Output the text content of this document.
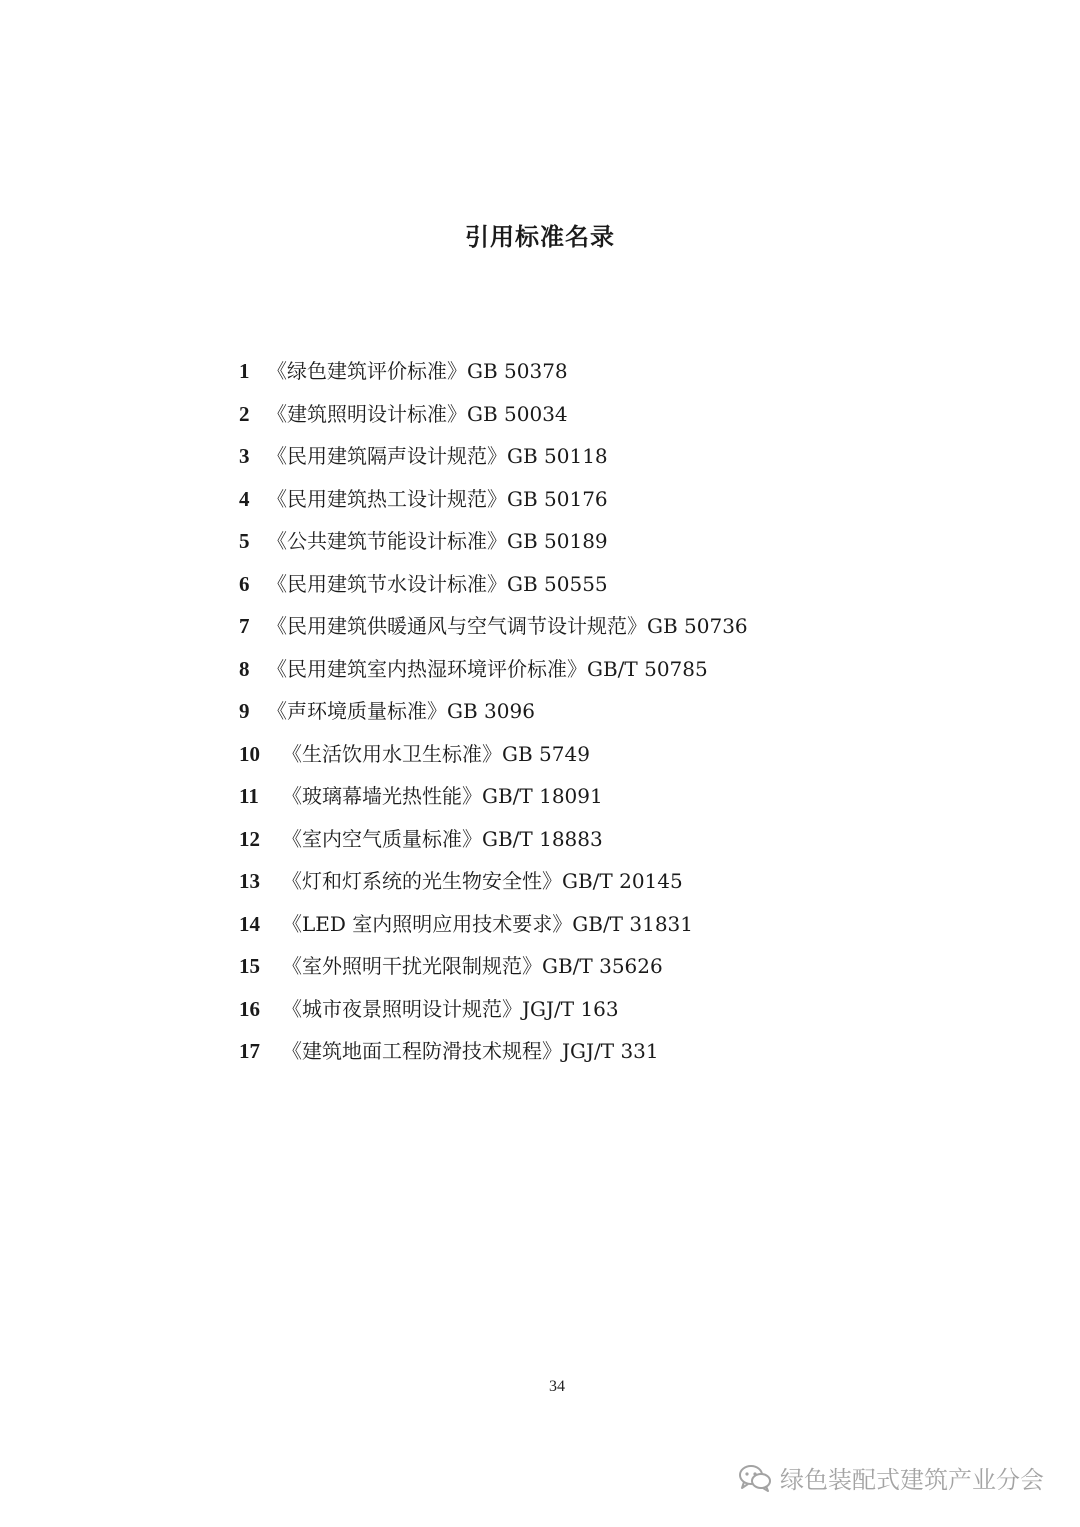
引用标准名录
1 《绿色建筑评价标准》GB 50378
2 《建筑照明设计标准》GB 50034
3 《民用建筑隔声设计规范》GB 50118
4 《民用建筑热工设计规范》GB 50176
5 《公共建筑节能设计标准》GB 50189
6 《民用建筑节水设计标准》GB 50555
7 《民用建筑供暖通风与空气调节设计规范》GB 50736
8 《民用建筑室内热湿环境评价标准》GB/T 50785
9 《声环境质量标准》GB 3096
10 《生活饮用水卫生标准》GB 5749
11 《玻璃幕墙光热性能》GB/T 18091
12 《室内空气质量标准》GB/T 18883
13 《灯和灯系统的光生物安全性》GB/T 20145
14 《LED 室内照明应用技术要求》GB/T 31831
15 《室外照明干扰光限制规范》GB/T 35626
16 《城市夜景照明设计规范》JGJ/T 163
17 《建筑地面工程防滑技术规程》JGJ/T 331
34
绿色装配式建筑产业分会
